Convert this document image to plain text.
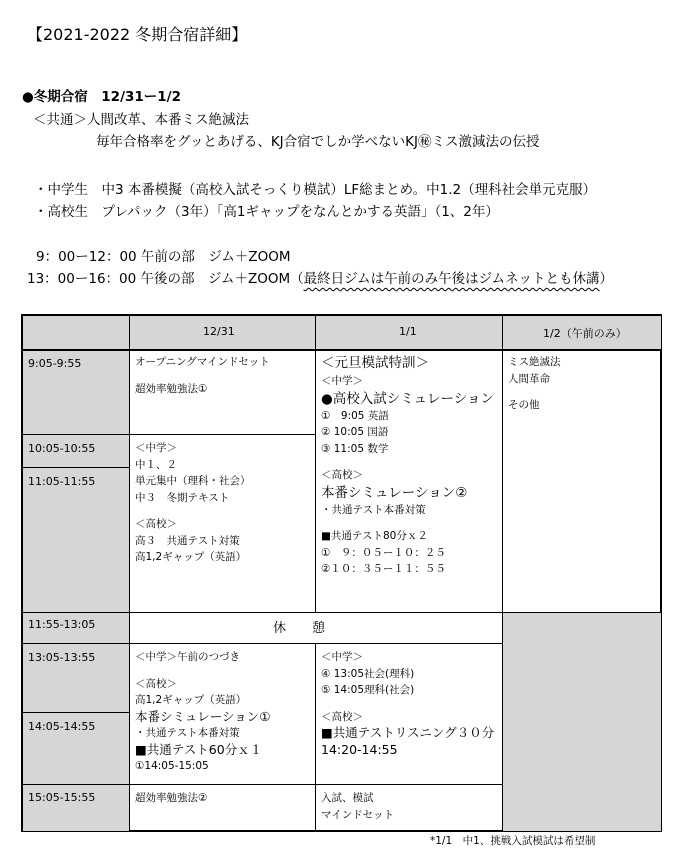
【2021-2022 冬期合宿詳細】
●冬期合宿　12/31ー1/2
＜共通＞人間改革、本番ミス絶滅法
毎年合格率をグッとあげる、KJ合宿でしか学べないKJ㊙ミス激減法の伝授
・中学生　中3 本番模擬（高校入試そっくり模試）LF総まとめ。中1.2（理科社会単元克服）
・高校生　プレパック（3年）「高1ギャップをなんとかする英語」（1、2年）
9：00ー12：00 午前の部　ジム＋ZOOM
13：00ー16：00 午後の部　ジム＋ZOOM（最終日ジムは午前のみ午後はジムネットとも休講）
12/31	1/1	1/2（午前のみ）
9:05-9:55
10:05-10:55
11:05-11:55
11:55-13:05
13:05-13:55
14:05-14:55
15:05-15:55
休　　憩
オープニングマインドセット
超効率勉強法①
＜中学＞
中１、２
単元集中（理科・社会）
中３　冬期テキスト
＜高校＞
高３　共通テスト対策
高1,2ギャップ（英語）
＜中学＞午前のつづき
＜高校＞
高1,2ギャップ（英語）
本番シミュレーション①
・共通テスト本番対策
■共通テスト60分ｘ１
①14:05-15:05
超効率勉強法②
＜元旦模試特訓＞
＜中学＞
●高校入試シミュレーション
①　9:05 英語
② 10:05 国語
③ 11:05 数学
＜高校＞
本番シミュレーション②
・共通テスト本番対策
■共通テスト80分ｘ２
①　９：０５ー１０：２５
②１０：３５ー１１：５５
＜中学＞
④ 13:05社会(理科)
⑤ 14:05理科(社会)
＜高校＞
■共通テストリスニング３０分
14:20-14:55
入試、模試
マインドセット
ミス絶滅法
人間革命
その他
*1/1　中1、挑戦入試模試は希望制
